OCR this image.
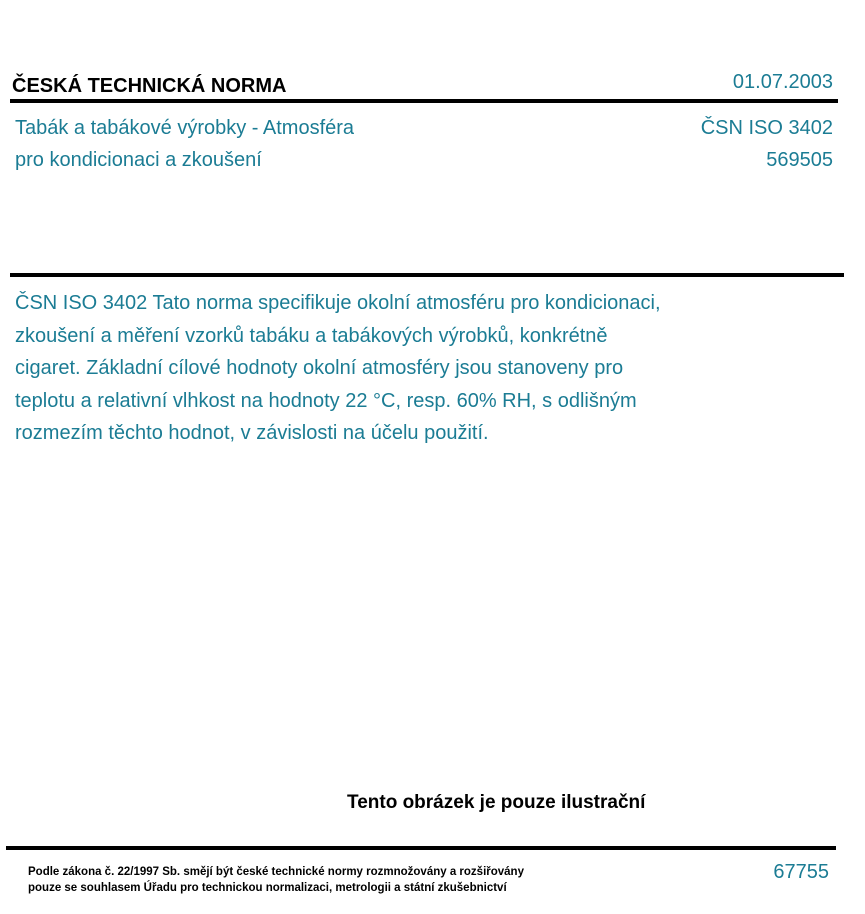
ČESKÁ TECHNICKÁ NORMA	01.07.2003
Tabák a tabákové výrobky - Atmosféra
pro kondicionaci a zkoušení
ČSN ISO 3402
569505
ČSN ISO 3402 Tato norma specifikuje okolní atmosféru pro kondicionaci,
zkoušení a měření vzorků tabáku a tabákových výrobků, konkrétně
cigaret. Základní cílové hodnoty okolní atmosféry jsou stanoveny pro
teplotu a relativní vlhkost na hodnoty 22 °C, resp. 60% RH, s odlišným
rozmezím těchto hodnot, v závislosti na účelu použití.
Tento obrázek je pouze ilustrační
Podle zákona č. 22/1997 Sb. smějí být české technické normy rozmnožovány a rozšiřovány
pouze se souhlasem Úřadu pro technickou normalizaci, metrologii a státní zkušebnictví
67755
